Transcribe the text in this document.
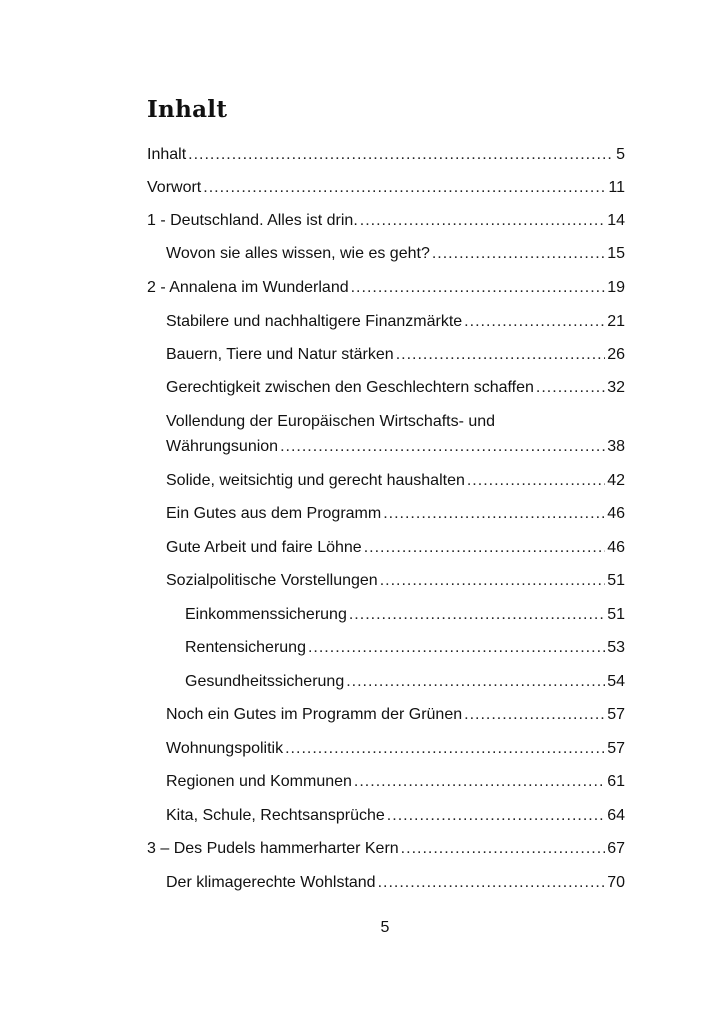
Inhalt
Inhalt .....	5
Vorwort .....	11
1 - Deutschland. Alles ist drin. .....	14
Wovon sie alles wissen, wie es geht? .....	15
2 - Annalena im Wunderland .....	19
Stabilere und nachhaltigere Finanzmärkte .....	21
Bauern, Tiere und Natur stärken .....	26
Gerechtigkeit zwischen den Geschlechtern schaffen .....	32
Vollendung der Europäischen Wirtschafts- und
Währungsunion .....	38
Solide, weitsichtig und gerecht haushalten .....	42
Ein Gutes aus dem Programm .....	46
Gute Arbeit und faire Löhne .....	46
Sozialpolitische Vorstellungen .....	51
Einkommenssicherung .....	51
Rentensicherung .....	53
Gesundheitssicherung .....	54
Noch ein Gutes im Programm der Grünen .....	57
Wohnungspolitik .....	57
Regionen und Kommunen .....	61
Kita, Schule, Rechtsansprüche .....	64
3 – Des Pudels hammerharter Kern .....	67
Der klimagerechte Wohlstand .....	70
5
